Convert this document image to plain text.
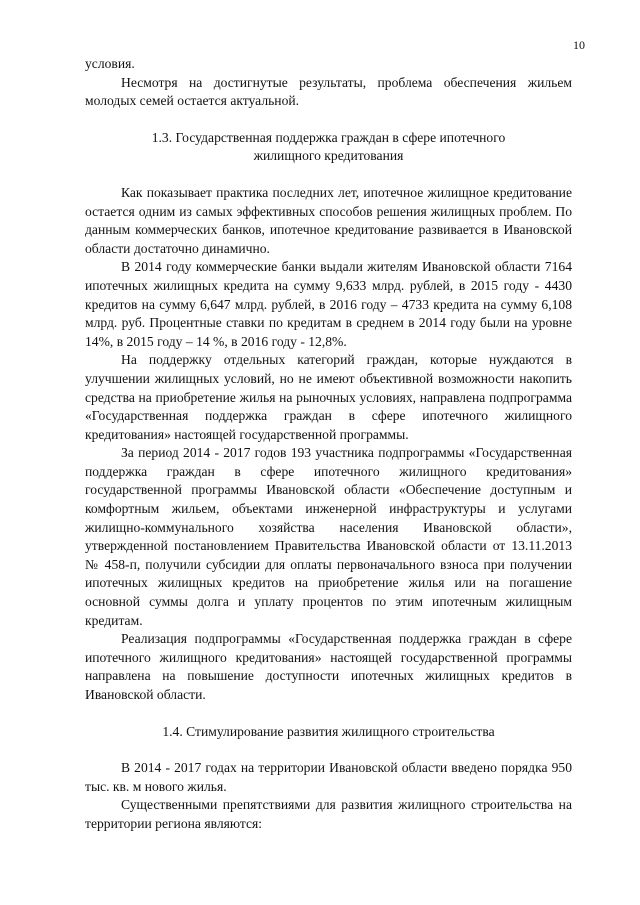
10

условия.

Несмотря на достигнутые результаты, проблема обеспечения жильем молодых семей остается актуальной.

1.3. Государственная поддержка граждан в сфере ипотечного
жилищного кредитования

Как показывает практика последних лет, ипотечное жилищное кредитование остается одним из самых эффективных способов решения жилищных проблем. По данным коммерческих банков, ипотечное кредитование развивается в Ивановской области достаточно динамично.

В 2014 году коммерческие банки выдали жителям Ивановской области 7164 ипотечных жилищных кредита на сумму 9,633 млрд. рублей, в 2015 году - 4430 кредитов на сумму 6,647 млрд. рублей, в 2016 году – 4733 кредита на сумму 6,108 млрд. руб. Процентные ставки по кредитам в среднем в 2014 году были на уровне 14%, в 2015 году – 14 %, в 2016 году - 12,8%.

На поддержку отдельных категорий граждан, которые нуждаются в улучшении жилищных условий, но не имеют объективной возможности накопить средства на приобретение жилья на рыночных условиях, направлена подпрограмма «Государственная поддержка граждан в сфере ипотечного жилищного кредитования» настоящей государственной программы.

За период 2014 - 2017 годов 193 участника подпрограммы «Государственная поддержка граждан в сфере ипотечного жилищного кредитования» государственной программы Ивановской области «Обеспечение доступным и комфортным жильем, объектами инженерной инфраструктуры и услугами жилищно-коммунального хозяйства населения Ивановской области», утвержденной постановлением Правительства Ивановской области от 13.11.2013 № 458-п, получили субсидии для оплаты первоначального взноса при получении ипотечных жилищных кредитов на приобретение жилья или на погашение основной суммы долга и уплату процентов по этим ипотечным жилищным кредитам.

Реализация подпрограммы «Государственная поддержка граждан в сфере ипотечного жилищного кредитования» настоящей государственной программы направлена на повышение доступности ипотечных жилищных кредитов в Ивановской области.

1.4. Стимулирование развития жилищного строительства

В 2014 - 2017 годах на территории Ивановской области введено порядка 950 тыс. кв. м нового жилья.

Существенными препятствиями для развития жилищного строительства на территории региона являются:
